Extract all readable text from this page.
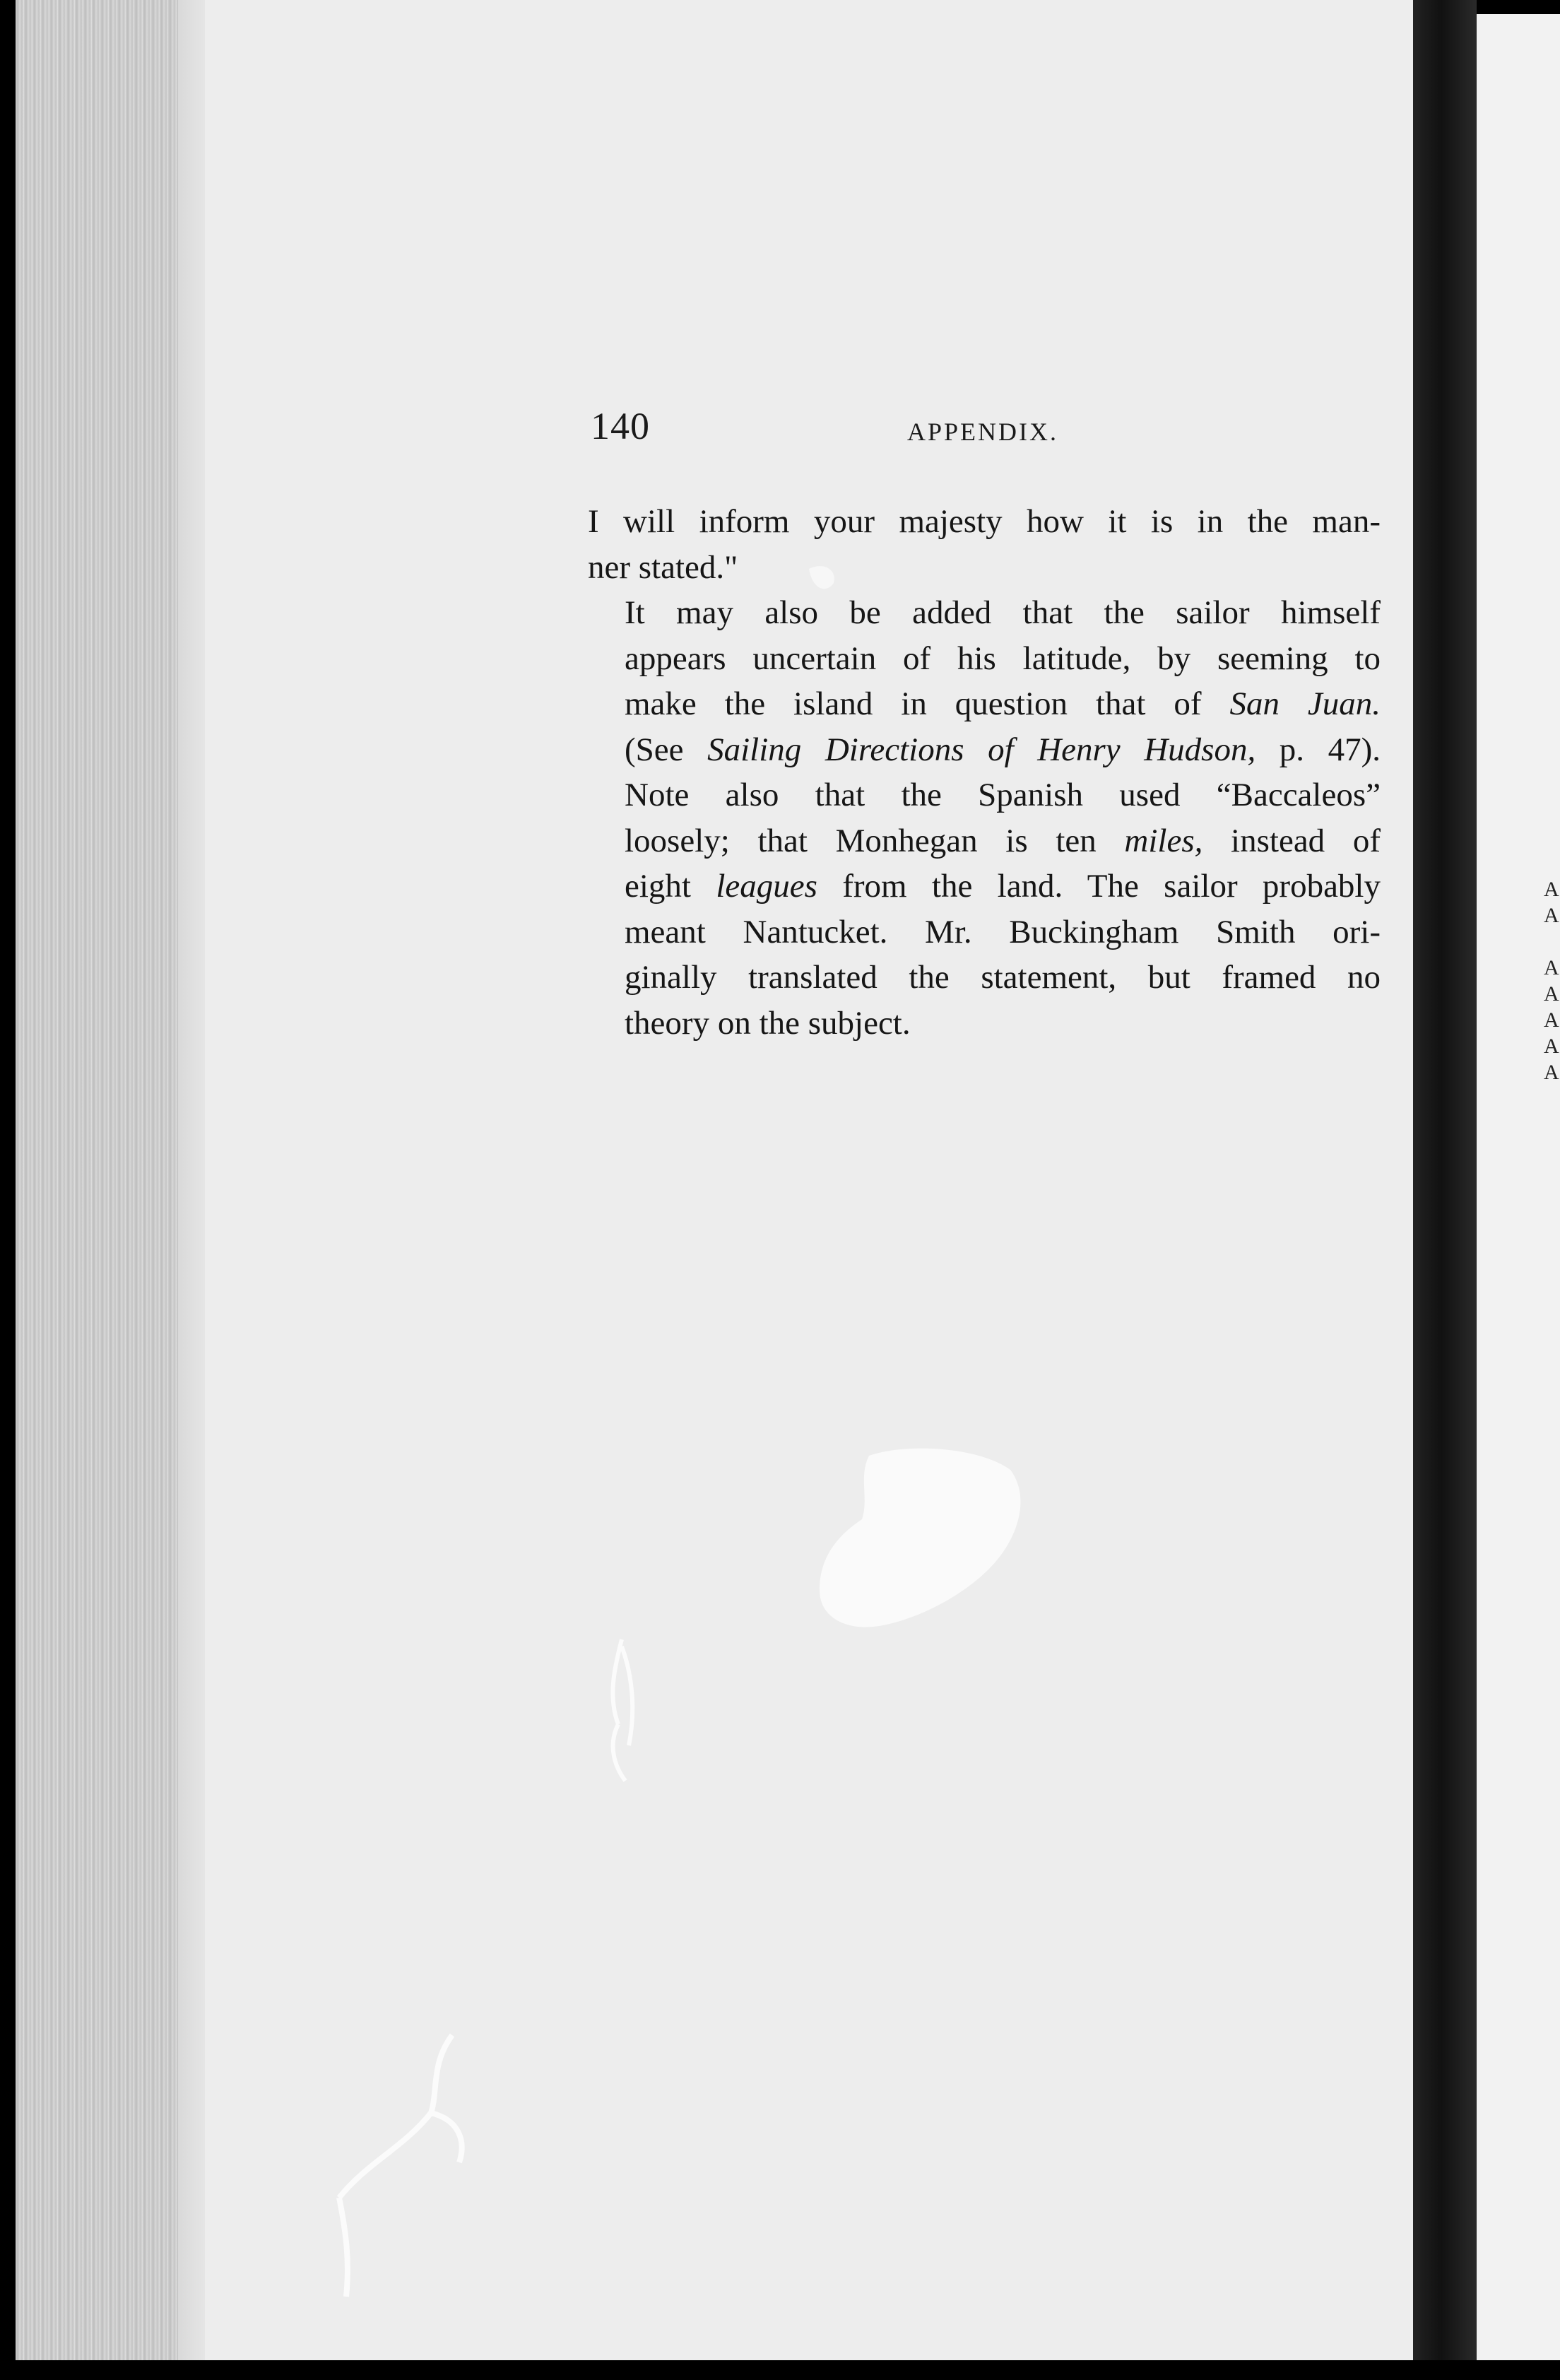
A
A
A
A
A
A
A
140	APPENDIX.

I will inform your majesty how it is in the man-
ner stated."

It may also be added that the sailor himself
appears uncertain of his latitude, by seeming to
make the island in question that of San Juan.
(See Sailing Directions of Henry Hudson, p. 47).
Note also that the Spanish used “Baccaleos”
loosely; that Monhegan is ten miles, instead of
eight leagues from the land. The sailor probably
meant Nantucket. Mr. Buckingham Smith ori-
ginally translated the statement, but framed no
theory on the subject.
